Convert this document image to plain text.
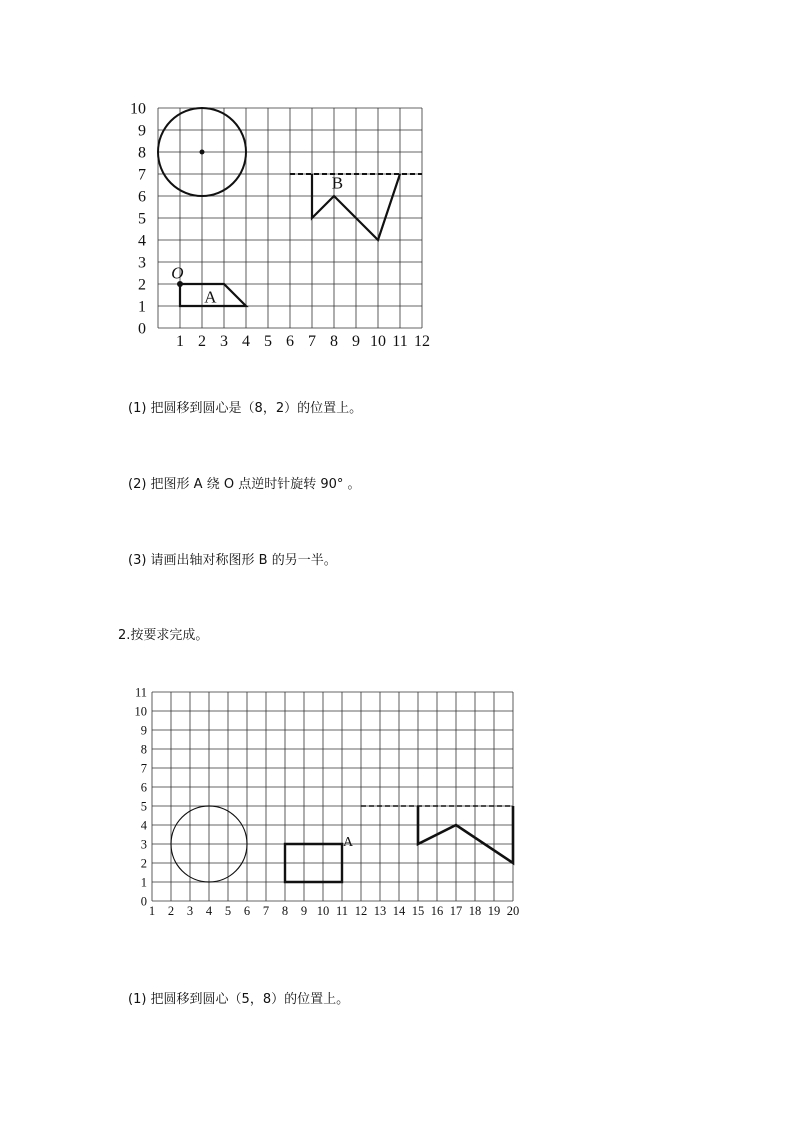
1 2 3 4 5 6 7 8 9 10 11 12
0
1
2
3
4
5
6
7
8
9
10
B
A
O
(1) 把圆移到圆心是（8，2）的位置上。
(2) 把图形 A 绕 O 点逆时针旋转 90° 。
(3) 请画出轴对称图形 B 的另一半。
2.按要求完成。
1 2 3 4 5 6 7 8 9 10 11 12 13 14 15 16 17 18 19 20
0
1
2
3
4
5
6
7
8
9
10
11
A
(1) 把圆移到圆心（5，8）的位置上。
